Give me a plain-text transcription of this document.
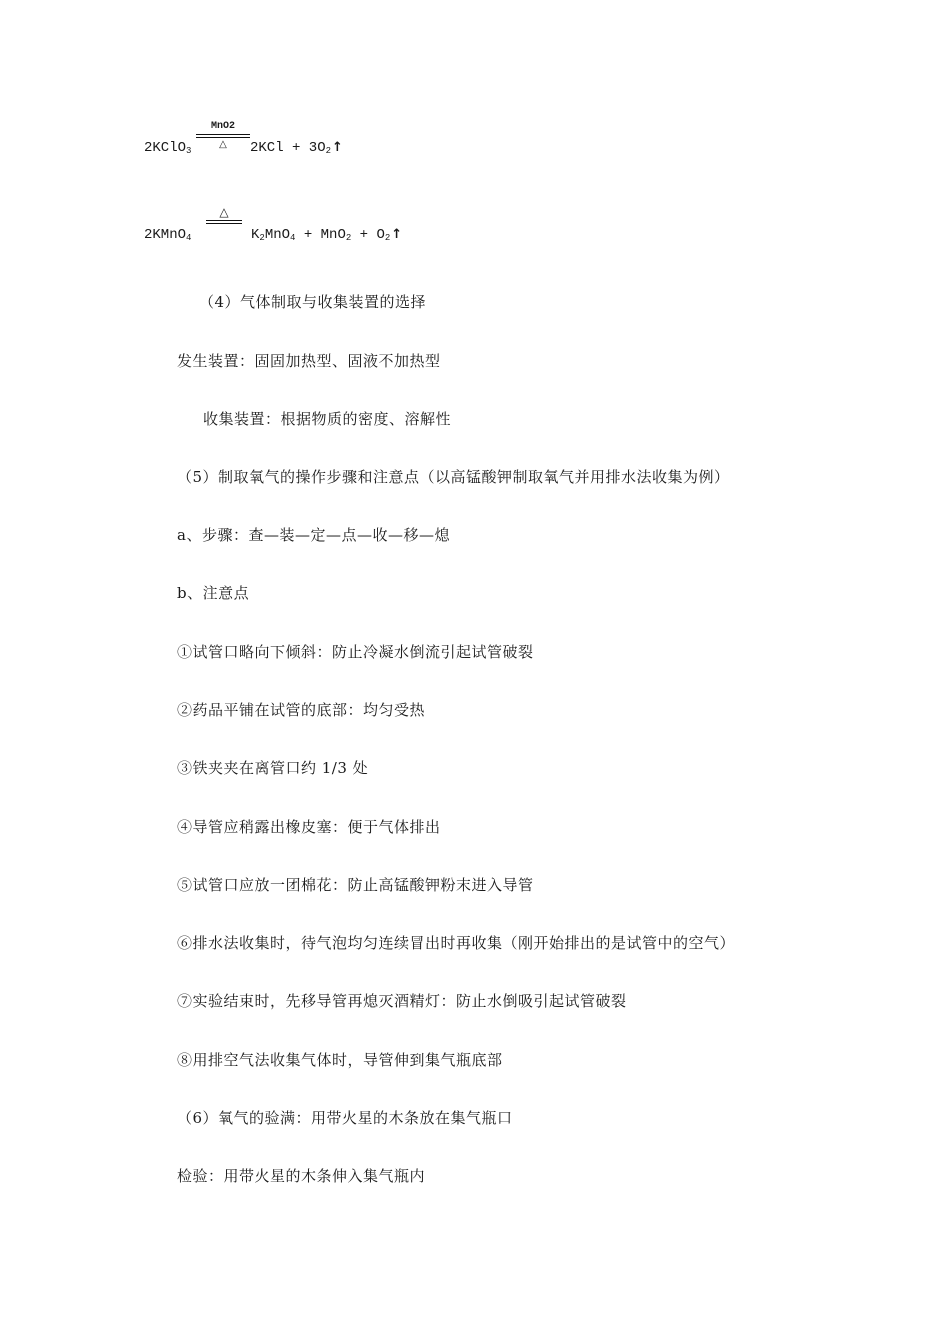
2KClO$_3$
MnO2
△	$2KCl + 3O_2↑$
2KMnO$_4$
△
$K_2MnO_4 + MnO_2$ + $O_2↑$
（4）气体制取与收集装置的选择
发生装置：固固加热型、固液不加热型
收集装置：根据物质的密度、溶解性
（5）制取氧气的操作步骤和注意点（以高锰酸钾制取氧气并用排水法收集为例）
a、步骤：查—装—定—点—收—移—熄
b、注意点
①试管口略向下倾斜：防止冷凝水倒流引起试管破裂
②药品平铺在试管的底部：均匀受热
③铁夹夹在离管口约 1/3 处
④导管应稍露出橡皮塞：便于气体排出
⑤试管口应放一团棉花：防止高锰酸钾粉末进入导管
⑥排水法收集时，待气泡均匀连续冒出时再收集（刚开始排出的是试管中的空气）
⑦实验结束时，先移导管再熄灭酒精灯：防止水倒吸引起试管破裂
⑧用排空气法收集气体时，导管伸到集气瓶底部
（6）氧气的验满：用带火星的木条放在集气瓶口
检验：用带火星的木条伸入集气瓶内
